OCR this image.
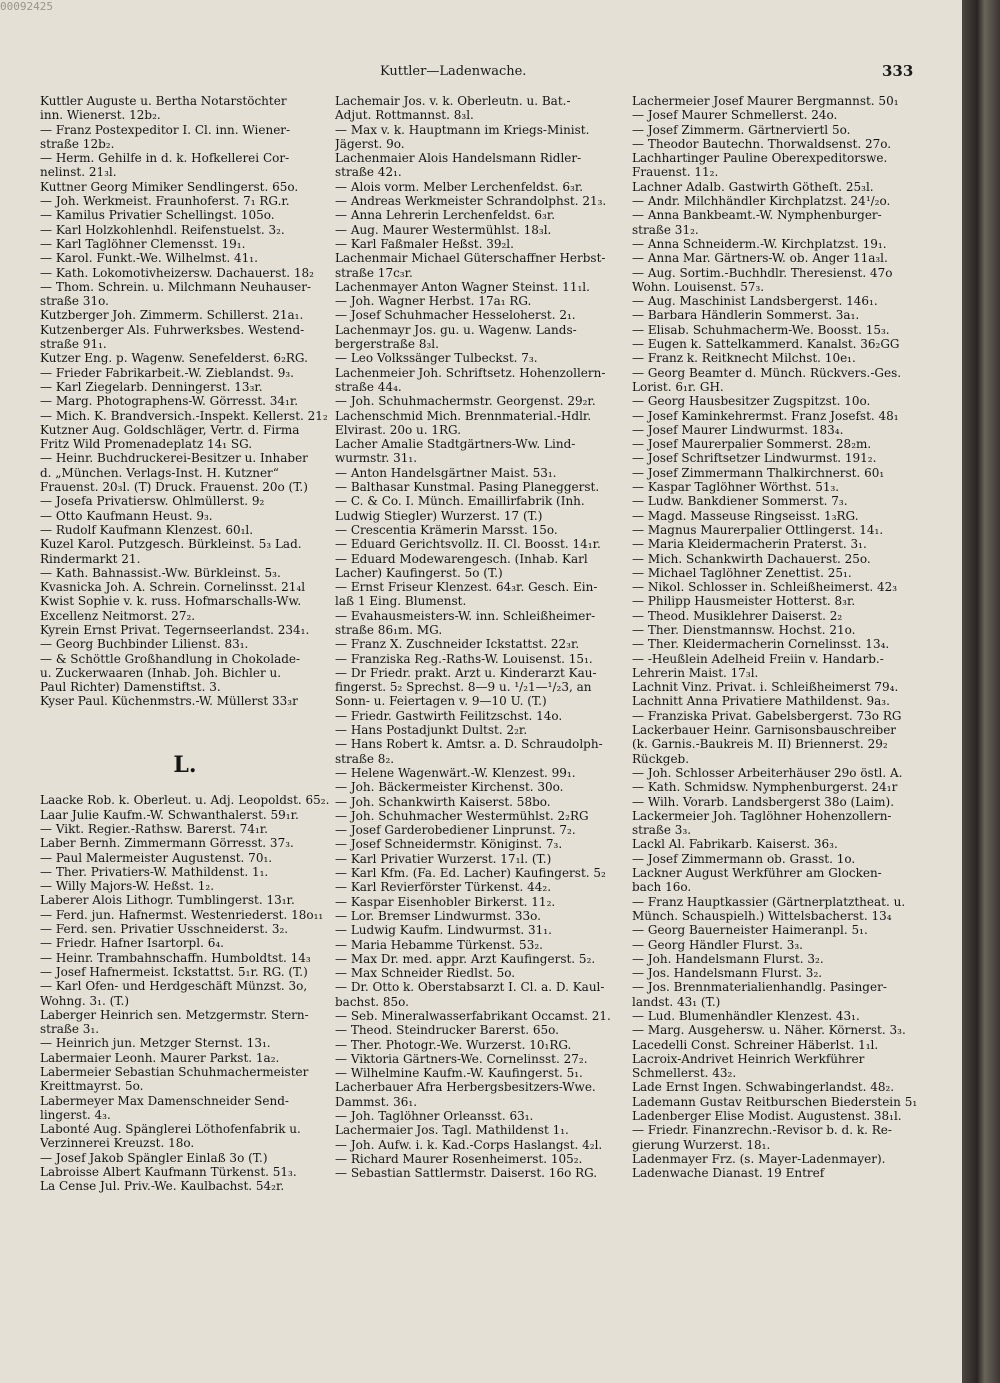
00092425
Kuttler—Ladenwache.	333
Kuttler Auguste u. Bertha Notarstöchter
inn. Wienerst. 12b₂.
— Franz Postexpeditor I. Cl. inn. Wiener-
straße 12b₂.
— Herm. Gehilfe in d. k. Hofkellerei Cor-
nelinst. 21₃l.
Kuttner Georg Mimiker Sendlingerst. 65o.
— Joh. Werkmeist. Fraunhoferst. 7₁ RG.r.
— Kamilus Privatier Schellingst. 105o.
— Karl Holzkohlenhdl. Reifenstuelst. 3₂.
— Karl Taglöhner Clemensst. 19₁.
— Karol. Funkt.-We. Wilhelmst. 41₁.
— Kath. Lokomotivheizersw. Dachauerst. 18₂
— Thom. Schrein. u. Milchmann Neuhauser-
straße 31o.
Kutzberger Joh. Zimmerm. Schillerst. 21a₁.
Kutzenberger Als. Fuhrwerksbes. Westend-
straße 91₁.
Kutzer Eng. p. Wagenw. Senefelderst. 6₂RG.
— Frieder Fabrikarbeit.-W. Zieblandst. 9₃.
— Karl Ziegelarb. Denningerst. 13₃r.
— Marg. Photographens-W. Görresst. 34₁r.
— Mich. K. Brandversich.-Inspekt. Kellerst. 21₂
Kutzner Aug. Goldschläger, Vertr. d. Firma
Fritz Wild Promenadeplatz 14₁ SG.
— Heinr. Buchdruckerei-Besitzer u. Inhaber
d. „München. Verlags-Inst. H. Kutzner“
Frauenst. 20₃l. (T) Druck. Frauenst. 20o (T.)
— Josefa Privatiersw. Ohlmüllerst. 9₂
— Otto Kaufmann Heust. 9₃.
— Rudolf Kaufmann Klenzest. 60₁l.
Kuzel Karol. Putzgesch. Bürkleinst. 5₃ Lad.
Rindermarkt 21.
— Kath. Bahnassist.-Ww. Bürkleinst. 5₃.
Kvasnicka Joh. A. Schrein. Cornelinsst. 21₄l
Kwist Sophie v. k. russ. Hofmarschalls-Ww.
Excellenz Neitmorst. 27₂.
Kyrein Ernst Privat. Tegernseerlandst. 234₁.
— Georg Buchbinder Lilienst. 83₁.
— & Schöttle Großhandlung in Chokolade-
u. Zuckerwaaren (Inhab. Joh. Bichler u.
Paul Richter) Damenstiftst. 3.
Kyser Paul. Küchenmstrs.-W. Müllerst 33₃r
L.
Laacke Rob. k. Oberleut. u. Adj. Leopoldst. 65₂.
Laar Julie Kaufm.-W. Schwanthalerst. 59₁r.
— Vikt. Regier.-Rathsw. Barerst. 74₁r.
Laber Bernh. Zimmermann Görresst. 37₃.
— Paul Malermeister Augustenst. 70₁.
— Ther. Privatiers-W. Mathildenst. 1₁.
— Willy Majors-W. Heßst. 1₂.
Laberer Alois Lithogr. Tumblingerst. 13₁r.
— Ferd. jun. Hafnermst. Westenriederst. 18o₁₁
— Ferd. sen. Privatier Usschneiderst. 3₂.
— Friedr. Hafner Isartorpl. 6₄.
— Heinr. Trambahnschaffn. Humboldtst. 14₃
— Josef Hafnermeist. Ickstattst. 5₁r. RG. (T.)
— Karl Ofen- und Herdgeschäft Münzst. 3o,
Wohng. 3₁. (T.)
Laberger Heinrich sen. Metzgermstr. Stern-
straße 3₁.
— Heinrich jun. Metzger Sternst. 13₁.
Labermaier Leonh. Maurer Parkst. 1a₂.
Labermeier Sebastian Schuhmachermeister
Kreittmayrst. 5o.
Labermeyer Max Damenschneider Send-
lingerst. 4₃.
Labonté Aug. Spänglerei Löthofenfabrik u.
Verzinnerei Kreuzst. 18o.
— Josef Jakob Spängler Einlaß 3o (T.)
Labroisse Albert Kaufmann Türkenst. 51₃.
La Cense Jul. Priv.-We. Kaulbachst. 54₂r.
Lachemair Jos. v. k. Oberleutn. u. Bat.-
Adjut. Rottmannst. 8₃l.
— Max v. k. Hauptmann im Kriegs-Minist.
Jägerst. 9o.
Lachenmaier Alois Handelsmann Ridler-
straße 42₁.
— Alois vorm. Melber Lerchenfeldst. 6₃r.
— Andreas Werkmeister Schrandolphst. 21₃.
— Anna Lehrerin Lerchenfeldst. 6₃r.
— Aug. Maurer Westermühlst. 18₃l.
— Karl Faßmaler Heßst. 39₂l.
Lachenmair Michael Güterschaffner Herbst-
straße 17c₃r.
Lachenmayer Anton Wagner Steinst. 11₁l.
— Joh. Wagner Herbst. 17a₁ RG.
— Josef Schuhmacher Hesseloherst. 2₁.
Lachenmayr Jos. gu. u. Wagenw. Lands-
bergerstraße 8₃l.
— Leo Volkssänger Tulbeckst. 7₃.
Lachenmeier Joh. Schriftsetz. Hohenzollern-
straße 44₄.
— Joh. Schuhmachermstr. Georgenst. 29₂r.
Lachenschmid Mich. Brennmaterial.-Hdlr.
Elvirast. 20o u. 1RG.
Lacher Amalie Stadtgärtners-Ww. Lind-
wurmstr. 31₁.
— Anton Handelsgärtner Maist. 53₁.
— Balthasar Kunstmal. Pasing Planeggerst.
— C. & Co. I. Münch. Emaillirfabrik (Inh.
Ludwig Stiegler) Wurzerst. 17 (T.)
— Crescentia Krämerin Marsst. 15o.
— Eduard Gerichtsvollz. II. Cl. Boosst. 14₁r.
— Eduard Modewarengesch. (Inhab. Karl
Lacher) Kaufingerst. 5o (T.)
— Ernst Friseur Klenzest. 64₃r. Gesch. Ein-
laß 1 Eing. Blumenst.
— Evahausmeisters-W. inn. Schleißheimer-
straße 86₁m. MG.
— Franz X. Zuschneider Ickstattst. 22₃r.
— Franziska Reg.-Raths-W. Louisenst. 15₁.
— Dr Friedr. prakt. Arzt u. Kinderarzt Kau-
fingerst. 5₂ Sprechst. 8—9 u. ¹/₂1—¹/₂3, an
Sonn- u. Feiertagen v. 9—10 U. (T.)
— Friedr. Gastwirth Feilitzschst. 14o.
— Hans Postadjunkt Dultst. 2₂r.
— Hans Robert k. Amtsr. a. D. Schraudolph-
straße 8₂.
— Helene Wagenwärt.-W. Klenzest. 99₁.
— Joh. Bäckermeister Kirchenst. 30o.
— Joh. Schankwirth Kaiserst. 58bo.
— Joh. Schuhmacher Westermühlst. 2₂RG
— Josef Garderobediener Linprunst. 7₂.
— Josef Schneidermstr. Königinst. 7₃.
— Karl Privatier Wurzerst. 17₁l. (T.)
— Karl Kfm. (Fa. Ed. Lacher) Kaufingerst. 5₂
— Karl Revierförster Türkenst. 44₂.
— Kaspar Eisenhobler Birkerst. 11₂.
— Lor. Bremser Lindwurmst. 33o.
— Ludwig Kaufm. Lindwurmst. 31₁.
— Maria Hebamme Türkenst. 53₂.
— Max Dr. med. appr. Arzt Kaufingerst. 5₂.
— Max Schneider Riedlst. 5o.
— Dr. Otto k. Oberstabsarzt I. Cl. a. D. Kaul-
bachst. 85o.
— Seb. Mineralwasserfabrikant Occamst. 21.
— Theod. Steindrucker Barerst. 65o.
— Ther. Photogr.-We. Wurzerst. 10₁RG.
— Viktoria Gärtners-We. Cornelinsst. 27₂.
— Wilhelmine Kaufm.-W. Kaufingerst. 5₁.
Lacherbauer Afra Herbergsbesitzers-Wwe.
Dammst. 36₁.
— Joh. Taglöhner Orleansst. 63₁.
Lachermaier Jos. Tagl. Mathildenst 1₁.
— Joh. Aufw. i. k. Kad.-Corps Haslangst. 4₂l.
— Richard Maurer Rosenheimerst. 105₂.
— Sebastian Sattlermstr. Daiserst. 16o RG.
Lachermeier Josef Maurer Bergmannst. 50₁
— Josef Maurer Schmellerst. 24o.
— Josef Zimmerm. Gärtnerviertl 5o.
— Theodor Bautechn. Thorwaldsenst. 27o.
Lachhartinger Pauline Oberexpeditorswe.
Frauenst. 11₂.
Lachner Adalb. Gastwirth Götheſt. 25₃l.
— Andr. Milchhändler Kirchplatzst. 24¹/₂o.
— Anna Bankbeamt.-W. Nymphenburger-
straße 31₂.
— Anna Schneiderm.-W. Kirchplatzst. 19₁.
— Anna Mar. Gärtners-W. ob. Anger 11a₃l.
— Aug. Sortim.-Buchhdlr. Theresienst. 47o
Wohn. Louisenst. 57₃.
— Aug. Maschinist Landsbergerst. 146₁.
— Barbara Händlerin Sommerst. 3a₁.
— Elisab. Schuhmacherm-We. Boosst. 15₃.
— Eugen k. Sattelkammerd. Kanalst. 36₂GG
— Franz k. Reitknecht Milchst. 10e₁.
— Georg Beamter d. Münch. Rückvers.-Ges.
Lorist. 6₁r. GH.
— Georg Hausbesitzer Zugspitzst. 10o.
— Josef Kaminkehrermst. Franz Josefst. 48₁
— Josef Maurer Lindwurmst. 183₄.
— Josef Maurerpalier Sommerst. 28₂m.
— Josef Schriftsetzer Lindwurmst. 191₂.
— Josef Zimmermann Thalkirchnerst. 60₁
— Kaspar Taglöhner Wörthst. 51₃.
— Ludw. Bankdiener Sommerst. 7₃.
— Magd. Masseuse Ringseisst. 1₃RG.
— Magnus Maurerpalier Ottlingerst. 14₁.
— Maria Kleidermacherin Praterst. 3₁.
— Mich. Schankwirth Dachauerst. 25o.
— Michael Taglöhner Zenettist. 25₁.
— Nikol. Schlosser in. Schleißheimerst. 42₃
— Philipp Hausmeister Hotterst. 8₃r.
— Theod. Musiklehrer Daiserst. 2₂
— Ther. Dienstmannsw. Hochst. 21o.
— Ther. Kleidermacherin Cornelinsst. 13₄.
— -Heußlein Adelheid Freiin v. Handarb.-
Lehrerin Maist. 17₃l.
Lachnit Vinz. Privat. i. Schleißheimerst 79₄.
Lachnitt Anna Privatiere Mathildenst. 9a₃.
— Franziska Privat. Gabelsbergerst. 73o RG
Lackerbauer Heinr. Garnisonsbauschreiber
(k. Garnis.-Baukreis M. II) Briennerst. 29₂
Rückgeb.
— Joh. Schlosser Arbeiterhäuser 29o östl. A.
— Kath. Schmidsw. Nymphenburgerst. 24₁r
— Wilh. Vorarb. Landsbergerst 38o (Laim).
Lackermeier Joh. Taglöhner Hohenzollern-
straße 3₃.
Lackl Al. Fabrikarb. Kaiserst. 36₃.
— Josef Zimmermann ob. Grasst. 1o.
Lackner August Werkführer am Glocken-
bach 16o.
— Franz Hauptkassier (Gärtnerplatztheat. u.
Münch. Schauspielh.) Wittelsbacherst. 13₄
— Georg Bauerneister Haimeranpl. 5₁.
— Georg Händler Flurst. 3₃.
— Joh. Handelsmann Flurst. 3₂.
— Jos. Handelsmann Flurst. 3₂.
— Jos. Brennmaterialienhandlg. Pasinger-
landst. 43₁ (T.)
— Lud. Blumenhändler Klenzest. 43₁.
— Marg. Ausgehersw. u. Näher. Körnerst. 3₃.
Lacedelli Const. Schreiner Häberlst. 1₁l.
Lacroix-Andrivet Heinrich Werkführer
Schmellerst. 43₂.
Lade Ernst Ingen. Schwabingerlandst. 48₂.
Lademann Gustav Reitburschen Biederstein 5₁
Ladenberger Elise Modist. Augustenst. 38₁l.
— Friedr. Finanzrechn.-Revisor b. d. k. Re-
gierung Wurzerst. 18₁.
Ladenmayer Frz. (s. Mayer-Ladenmayer).
Ladenwache Dianast. 19 Entref
